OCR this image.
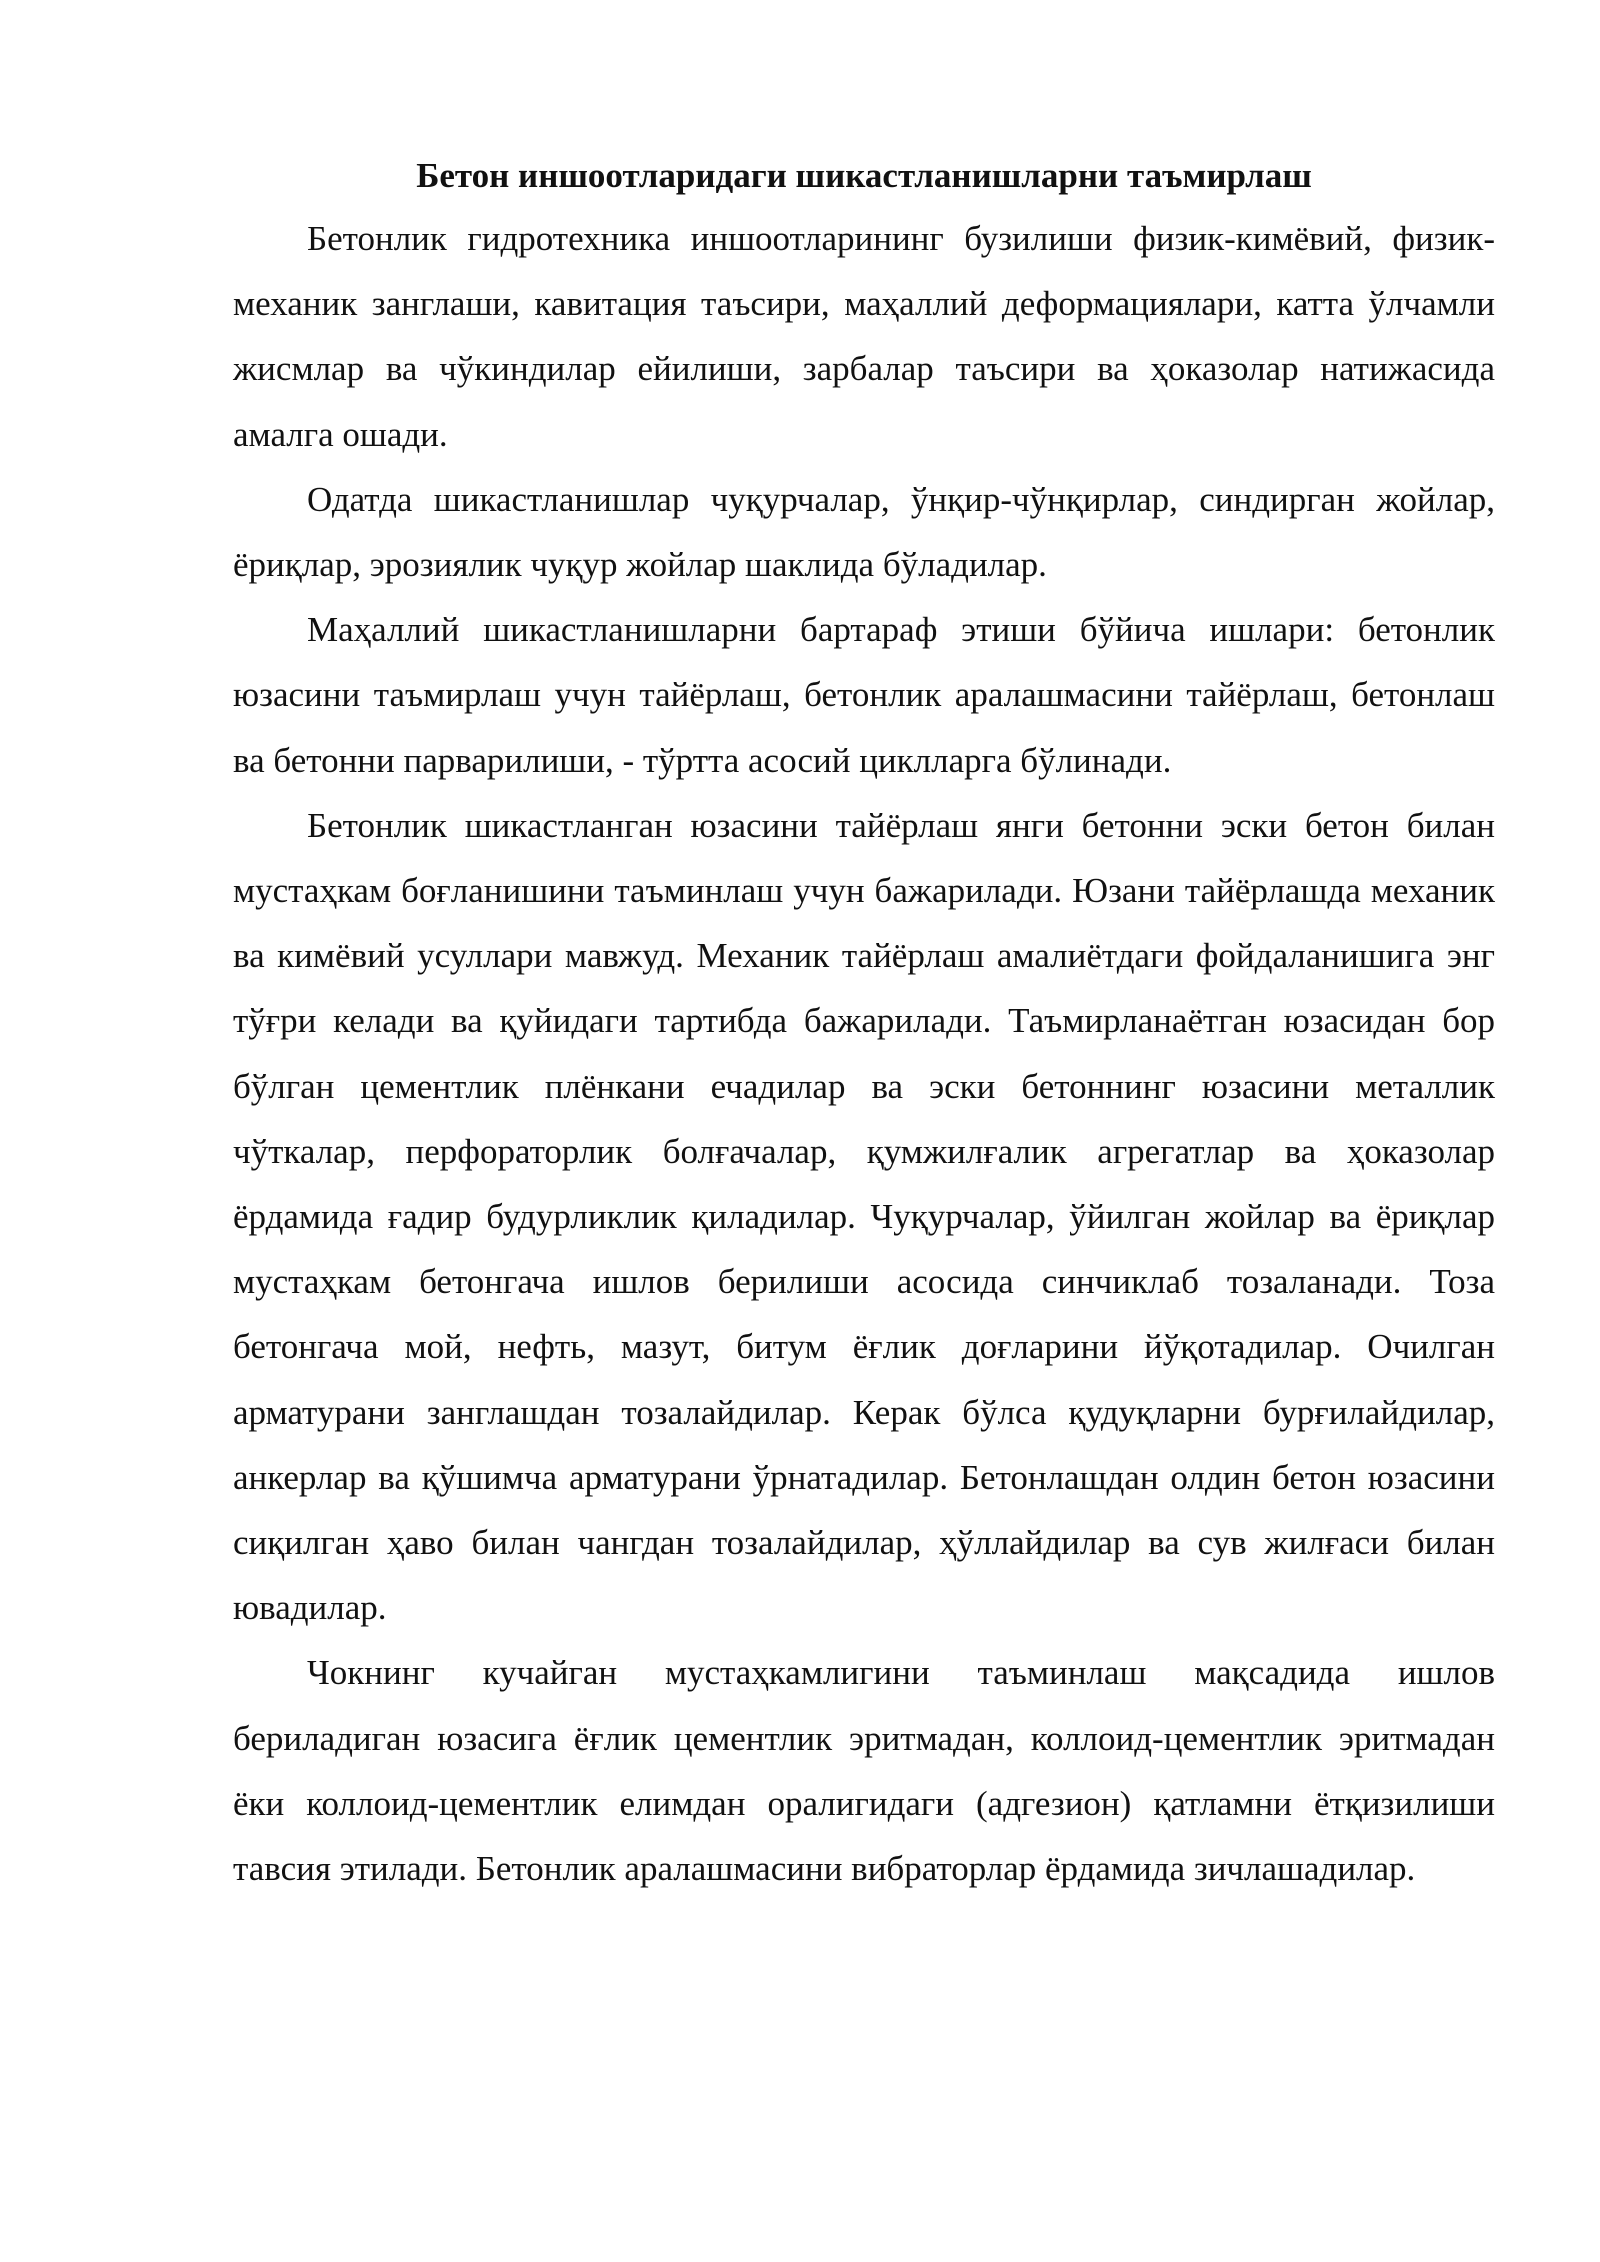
Бетон иншоотларидаги шикастланишларни таъмирлаш

Бетонлик гидротехника иншоотларининг бузилиши физик-кимёвий, физик-механик занглаши, кавитация таъсири, маҳаллий деформациялари, катта ўлчамли жисмлар ва чўкиндилар ейилиши, зарбалар таъсири ва ҳоказолар натижасида амалга ошади.

Одатда шикастланишлар чуқурчалар, ўнқир-чўнқирлар, синдирган жойлар, ёриқлар, эрозиялик чуқур жойлар шаклида бўладилар.

Маҳаллий шикастланишларни бартараф этиши бўйича ишлари: бетонлик юзасини таъмирлаш учун тайёрлаш, бетонлик аралашмасини тайёрлаш, бетонлаш ва бетонни парварилиши, - тўртта асосий циклларга бўлинади.

Бетонлик шикастланган юзасини тайёрлаш янги бетонни эски бетон билан мустаҳкам боғланишини таъминлаш учун бажарилади. Юзани тайёрлашда механик ва кимёвий усуллари мавжуд. Механик тайёрлаш амалиётдаги фойдаланишига энг тўғри келади ва қуйидаги тартибда бажарилади. Таъмирланаётган юзасидан бор бўлган цементлик плёнкани ечадилар ва эски бетоннинг юзасини металлик чўткалар, перфораторлик болғачалар, қумжилғалик агрегатлар ва ҳоказолар ёрдамида ғадир будурликлик қиладилар. Чуқурчалар, ўйилган жойлар ва ёриқлар мустаҳкам бетонгача ишлов берилиши асосида синчиклаб тозаланади. Тоза бетонгача мой, нефть, мазут, битум ёғлик доғларини йўқотадилар. Очилган арматурани занглашдан тозалайдилар. Керак бўлса қудуқларни бурғилайдилар, анкерлар ва қўшимча арматурани ўрнатадилар. Бетонлашдан олдин бетон юзасини сиқилган ҳаво билан чангдан тозалайдилар, ҳўллайдилар ва сув жилғаси билан ювадилар.

Чокнинг кучайган мустаҳкамлигини таъминлаш мақсадида ишлов бериладиган юзасига ёғлик цементлик эритмадан, коллоид-цементлик эритмадан ёки коллоид-цементлик елимдан оралигидаги (адгезион) қатламни ётқизилиши тавсия этилади. Бетонлик аралашмасини вибраторлар ёрдамида зичлашадилар.
